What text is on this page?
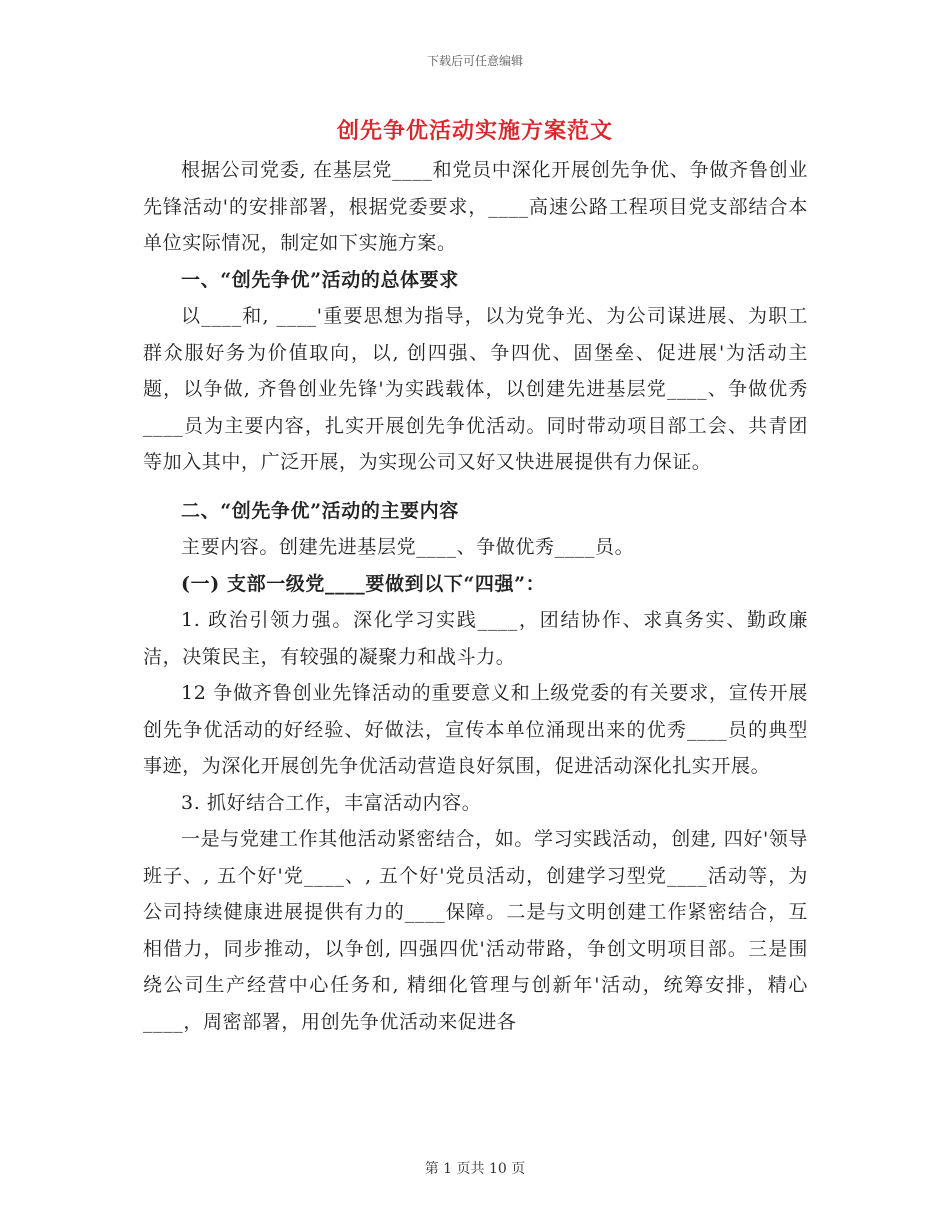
下载后可任意编辑
创先争优活动实施方案范文

根据公司党委, 在基层党____和党员中深化开展创先争优、争做齐鲁创业先锋活动'的安排部署，根据党委要求，____高速公路工程项目党支部结合本单位实际情况，制定如下实施方案。

一、“创先争优”活动的总体要求

以____和, ____'重要思想为指导，以为党争光、为公司谋进展、为职工群众服好务为价值取向，以, 创四强、争四优、固堡垒、促进展'为活动主题，以争做, 齐鲁创业先锋'为实践载体，以创建先进基层党____、争做优秀____员为主要内容，扎实开展创先争优活动。同时带动项目部工会、共青团等加入其中，广泛开展，为实现公司又好又快进展提供有力保证。

二、“创先争优”活动的主要内容

主要内容。创建先进基层党____、争做优秀____员。

(一) 支部一级党____要做到以下“四强”：

1. 政治引领力强。深化学习实践____，团结协作、求真务实、勤政廉洁，决策民主，有较强的凝聚力和战斗力。

12 争做齐鲁创业先锋活动的重要意义和上级党委的有关要求，宣传开展创先争优活动的好经验、好做法，宣传本单位涌现出来的优秀____员的典型事迹，为深化开展创先争优活动营造良好氛围，促进活动深化扎实开展。

3. 抓好结合工作，丰富活动内容。

一是与党建工作其他活动紧密结合，如。学习实践活动，创建, 四好'领导班子、, 五个好'党____、, 五个好'党员活动，创建学习型党____活动等，为公司持续健康进展提供有力的____保障。二是与文明创建工作紧密结合，互相借力，同步推动，以争创, 四强四优'活动带路，争创文明项目部。三是围绕公司生产经营中心任务和, 精细化管理与创新年'活动，统筹安排，精心____，周密部署，用创先争优活动来促进各

第 1 页共 10 页
